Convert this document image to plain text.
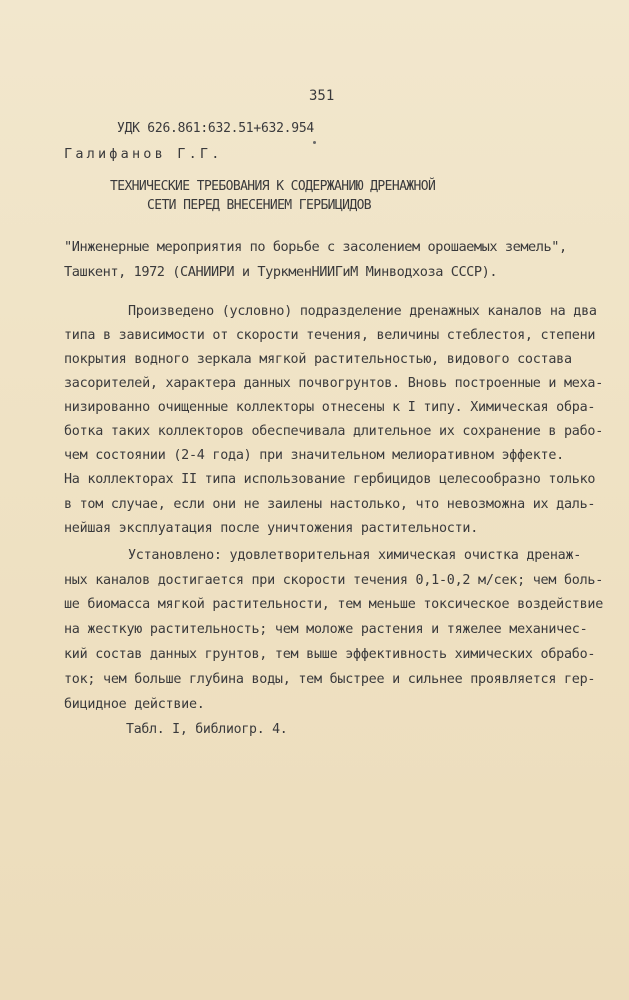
351
УДК 626.861:632.51+632.954
Галифанов Г.Г.
ТЕХНИЧЕСКИЕ ТРЕБОВАНИЯ К СОДЕРЖАНИЮ ДРЕНАЖНОЙ
СЕТИ ПЕРЕД ВНЕСЕНИЕМ ГЕРБИЦИДОВ
"Инженерные мероприятия по борьбе с засолением орошаемых земель",
Ташкент, 1972 (САНИИРИ и ТуркменНИИГиМ Минводхоза СССР).
Произведено (условно) подразделение дренажных каналов на два
типа в зависимости от скорости течения, величины стеблестоя, степени
покрытия водного зеркала мягкой растительностью, видового состава
засорителей, характера данных почвогрунтов. Вновь построенные и меха-
низированно очищенные коллекторы отнесены к I типу. Химическая обра-
ботка таких коллекторов обеспечивала длительное их сохранение в рабо-
чем состоянии (2-4 года) при значительном мелиоративном эффекте.
На коллекторах II типа использование гербицидов целесообразно только
в том случае, если они не заилены настолько, что невозможна их даль-
нейшая эксплуатация после уничтожения растительности.
Установлено: удовлетворительная химическая очистка дренаж-
ных каналов достигается при скорости течения 0,1-0,2 м/сек; чем боль-
ше биомасса мягкой растительности, тем меньше токсическое воздействие
на жесткую растительность; чем моложе растения и тяжелее механичес-
кий состав данных грунтов, тем выше эффективность химических обрабо-
ток; чем больше глубина воды, тем быстрее и сильнее проявляется гер-
бицидное действие.
Табл. I, библиогр. 4.
